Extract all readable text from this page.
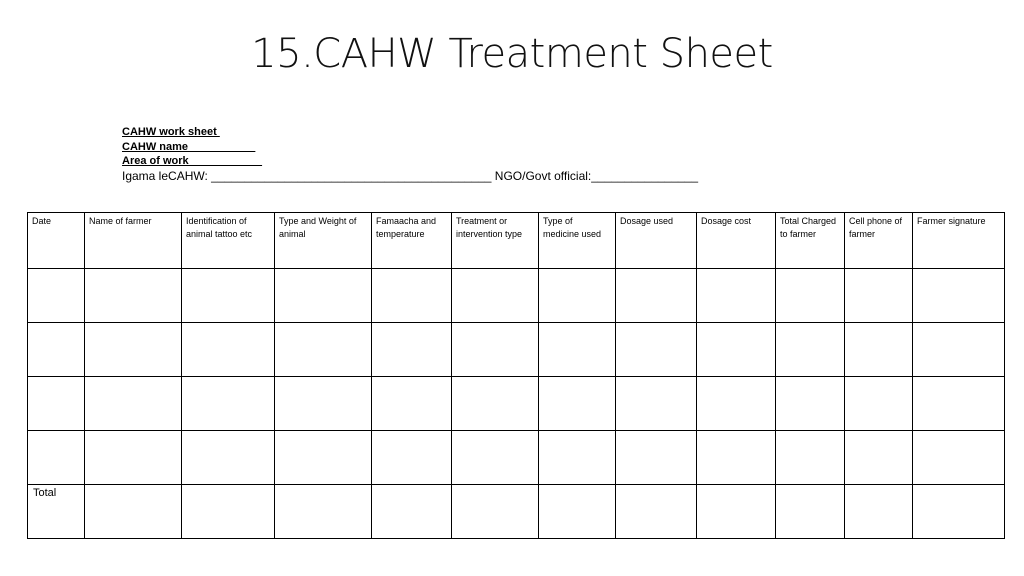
15.CAHW Treatment Sheet
CAHW work sheet
CAHW name___________
Area of work____________
Igama leCAHW: __________________________________________ NGO/Govt official:________________
Date	Name of farmer	Identification of animal tattoo etc	Type and Weight of animal	Famaacha and temperature	Treatment or intervention type	Type of medicine used	Dosage used	Dosage cost	Total Charged to farmer	Cell phone of farmer	Farmer signature

Total											
